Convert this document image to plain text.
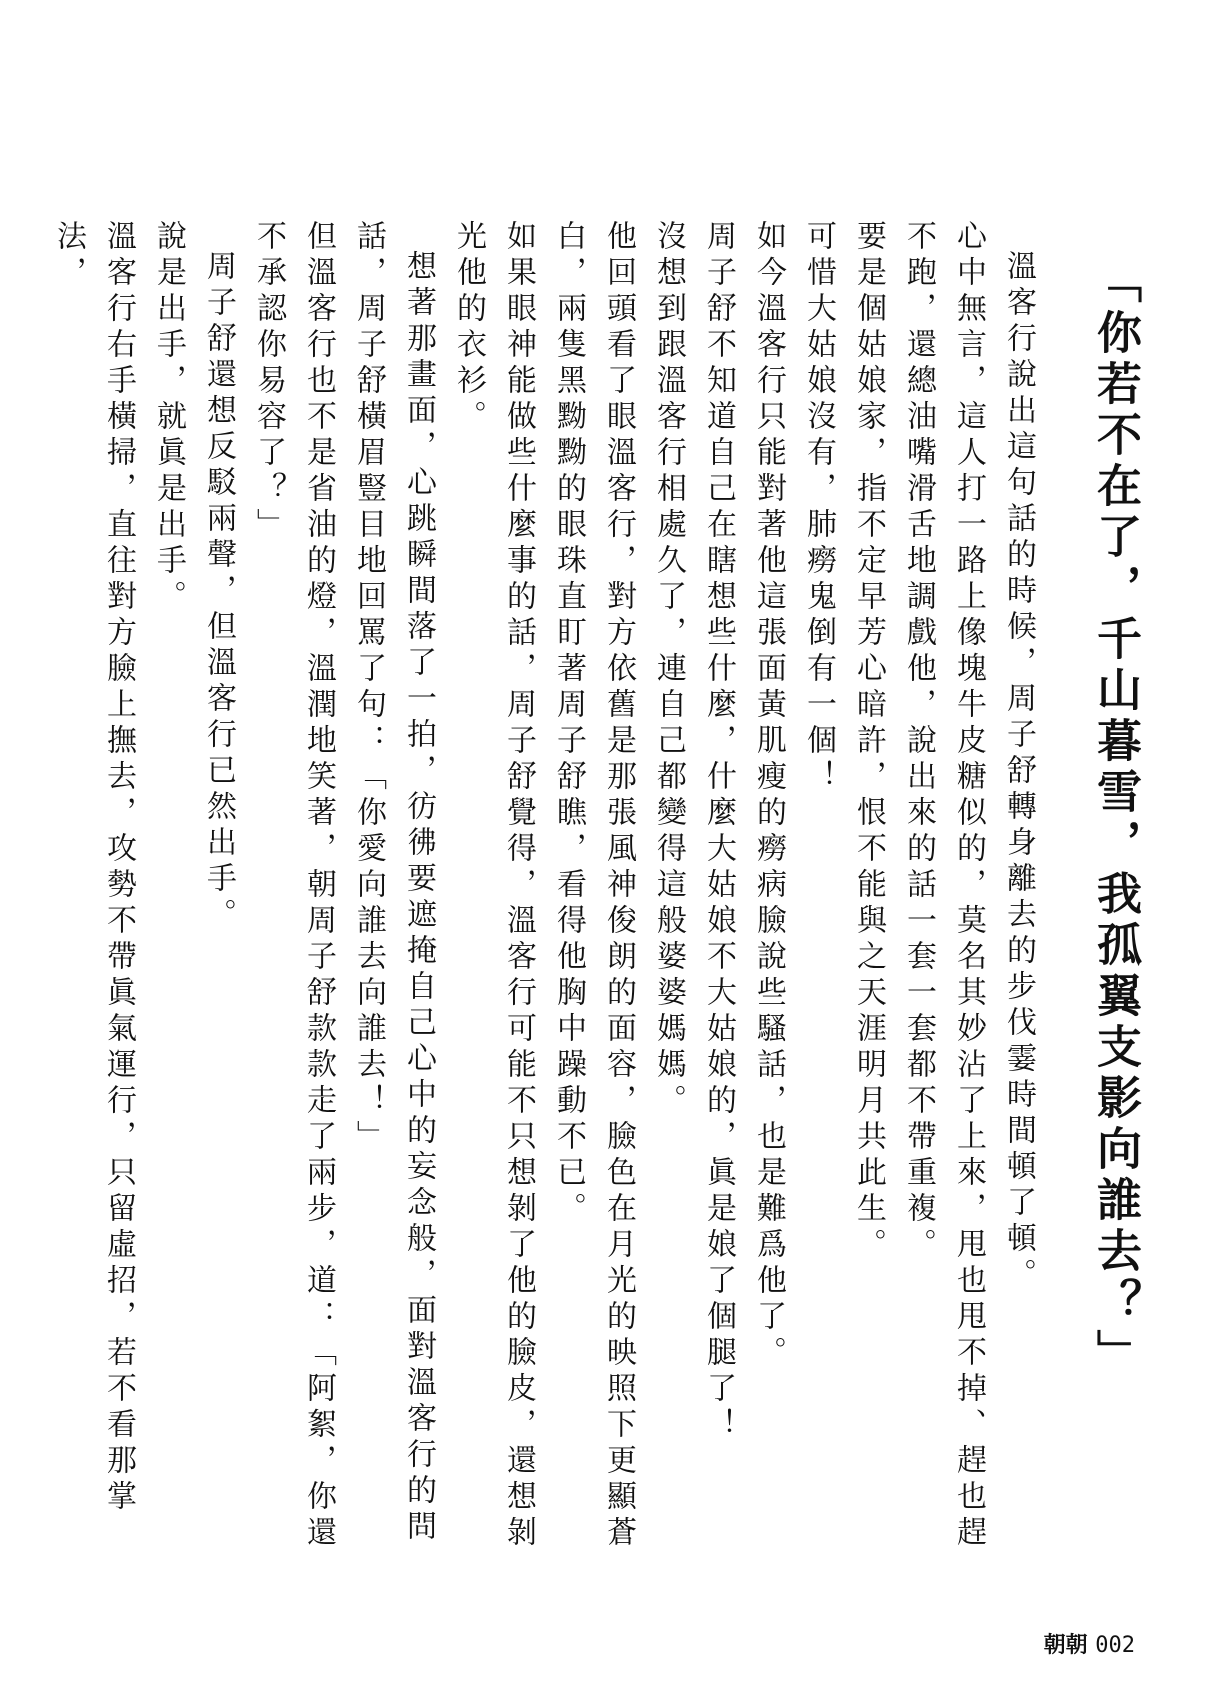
「你若不在了，千山暮雪，我孤翼支影向誰去？」

溫客行說出這句話的時候，周子舒轉身離去的步伐霎時間頓了頓。

心中無言，這人打一路上像塊牛皮糖似的，莫名其妙沾了上來，甩也甩不掉、趕也趕不跑，還總油嘴滑舌地調戲他，說出來的話一套一套都不帶重複。

要是個姑娘家，指不定早芳心暗許，恨不能與之天涯明月共此生。

可惜大姑娘沒有，肺癆鬼倒有一個！

如今溫客行只能對著他這張面黃肌瘦的癆病臉說些騷話，也是難爲他了。

周子舒不知道自己在瞎想些什麼，什麼大姑娘不大姑娘的，眞是娘了個腿了！

沒想到跟溫客行相處久了，連自己都變得這般婆婆媽媽。

他回頭看了眼溫客行，對方依舊是那張風神俊朗的面容，臉色在月光的映照下更顯蒼白，兩隻黑黝黝的眼珠直盯著周子舒瞧，看得他胸中躁動不已。

如果眼神能做些什麼事的話，周子舒覺得，溫客行可能不只想剝了他的臉皮，還想剝光他的衣衫。

想著那畫面，心跳瞬間落了一拍，彷彿要遮掩自己心中的妄念般，面對溫客行的問話，周子舒橫眉豎目地回罵了句：「你愛向誰去向誰去！」

但溫客行也不是省油的燈，溫潤地笑著，朝周子舒款款走了兩步，道：「阿絮，你還不承認你易容了？」

周子舒還想反駁兩聲，但溫客行已然出手。

說是出手，就眞是出手。

溫客行右手橫掃，直往對方臉上撫去，攻勢不帶眞氣運行，只留虛招，若不看那掌法，

朝朝 002
